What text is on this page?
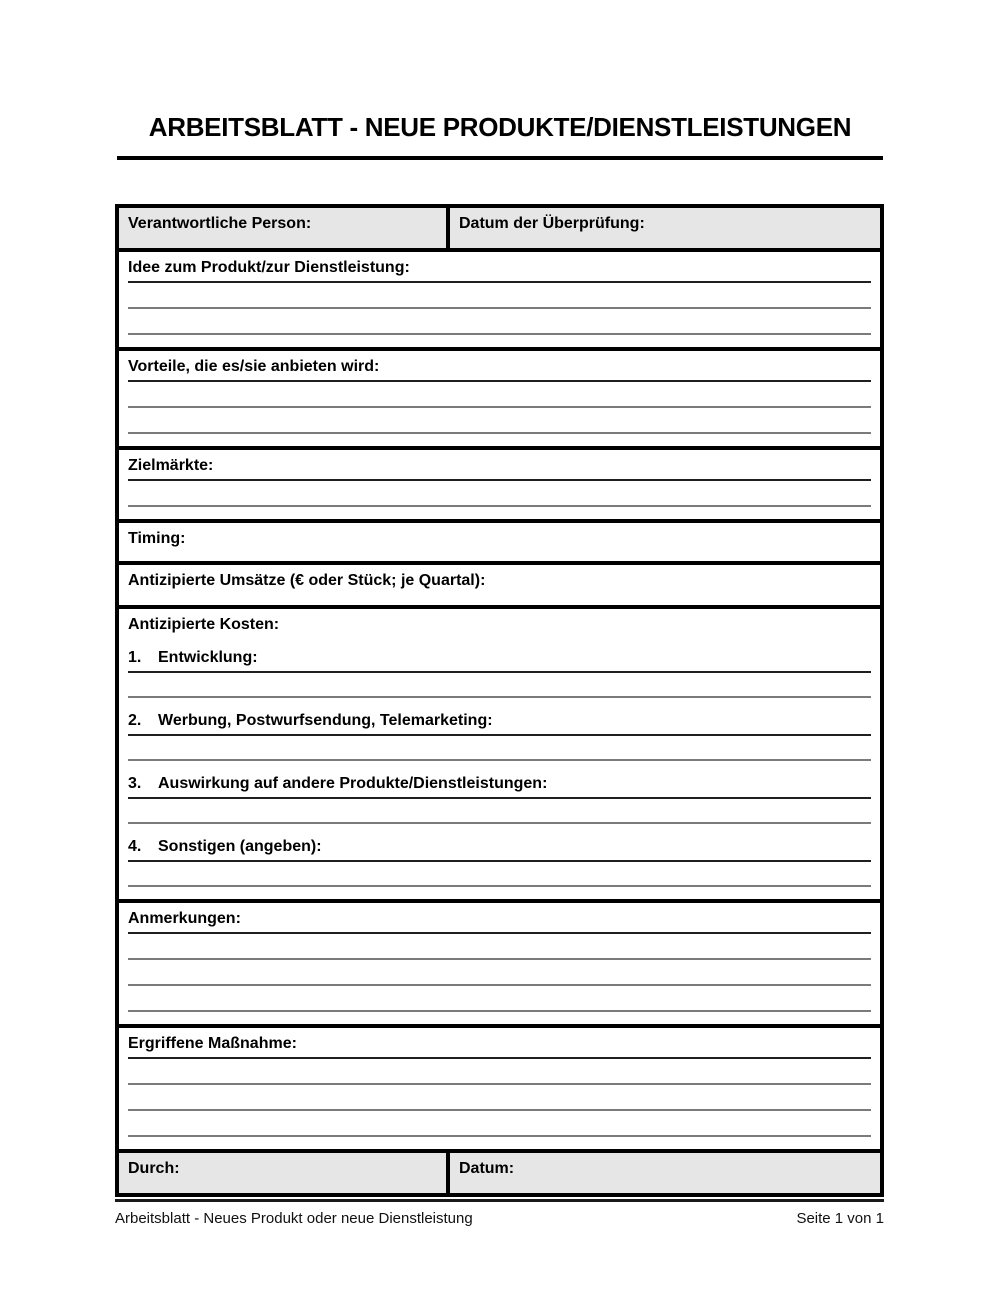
ARBEITSBLATT - NEUE PRODUKTE/DIENSTLEISTUNGEN
Verantwortliche Person:	Datum der Überprüfung:
Idee zum Produkt/zur Dienstleistung:
Vorteile, die es/sie anbieten wird:
Zielmärkte:
Timing:
Antizipierte Umsätze (€ oder Stück; je Quartal):
Antizipierte Kosten:
1.	Entwicklung:
2.	Werbung, Postwurfsendung, Telemarketing:
3.	Auswirkung auf andere Produkte/Dienstleistungen:
4.	Sonstigen (angeben):
Anmerkungen:
Ergriffene Maßnahme:
Durch:	Datum:
Arbeitsblatt - Neues Produkt oder neue Dienstleistung	Seite 1 von 1
